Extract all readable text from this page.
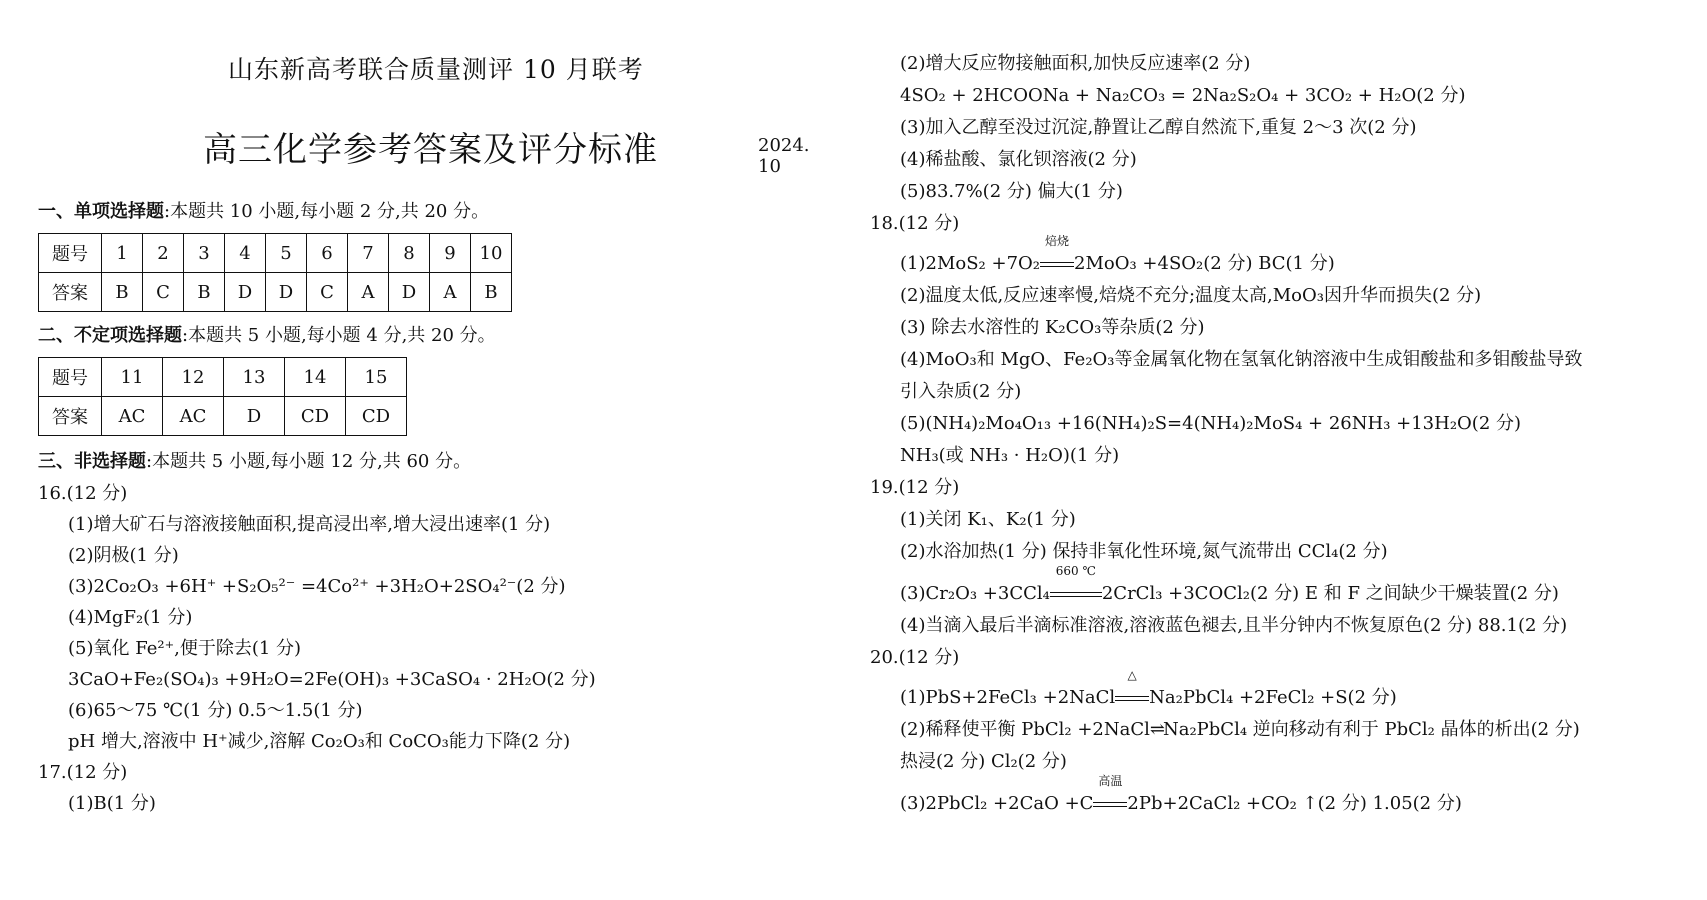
山东新高考联合质量测评 10 月联考
高三化学参考答案及评分标准	2024. 10
一、单项选择题:本题共 10 小题,每小题 2 分,共 20 分。
题号	1	2	3	4	5	6	7	8	9	10
答案	B	C	B	D	D	C	A	D	A	B
二、不定项选择题:本题共 5 小题,每小题 4 分,共 20 分。
题号	11	12	13	14	15
答案	AC	AC	D	CD	CD
三、非选择题:本题共 5 小题,每小题 12 分,共 60 分。
16.(12 分)
(1)增大矿石与溶液接触面积,提高浸出率,增大浸出速率(1 分)
(2)阴极(1 分)
(3)2Co₂O₃ +6H⁺ +S₂O₅²⁻ =4Co²⁺ +3H₂O+2SO₄²⁻(2 分)
(4)MgF₂(1 分)
(5)氧化 Fe²⁺,便于除去(1 分)
3CaO+Fe₂(SO₄)₃ +9H₂O=2Fe(OH)₃ +3CaSO₄ · 2H₂O(2 分)
(6)65～75 ℃(1 分) 0.5～1.5(1 分)
pH 增大,溶液中 H⁺减少,溶解 Co₂O₃和 CoCO₃能力下降(2 分)
17.(12 分)
(1)B(1 分)
(2)增大反应物接触面积,加快反应速率(2 分)
4SO₂ + 2HCOONa + Na₂CO₃ = 2Na₂S₂O₄ + 3CO₂ + H₂O(2 分)
(3)加入乙醇至没过沉淀,静置让乙醇自然流下,重复 2～3 次(2 分)
(4)稀盐酸、氯化钡溶液(2 分)
(5)83.7%(2 分) 偏大(1 分)
18.(12 分)
(1)2MoS₂ +7O₂
焙烧
2MoO₃ +4SO₂(2 分) BC(1 分)
(2)温度太低,反应速率慢,焙烧不充分;温度太高,MoO₃因升华而损失(2 分)
(3) 除去水溶性的 K₂CO₃等杂质(2 分)
(4)MoO₃和 MgO、Fe₂O₃等金属氧化物在氢氧化钠溶液中生成钼酸盐和多钼酸盐导致
引入杂质(2 分)
(5)(NH₄)₂Mo₄O₁₃ +16(NH₄)₂S=4(NH₄)₂MoS₄ + 26NH₃ +13H₂O(2 分)
NH₃(或 NH₃ · H₂O)(1 分)
19.(12 分)
(1)关闭 K₁、K₂(1 分)
(2)水浴加热(1 分) 保持非氧化性环境,氮气流带出 CCl₄(2 分)
(3)Cr₂O₃ +3CCl₄
660 ℃
2CrCl₃ +3COCl₂(2 分) E 和 F 之间缺少干燥装置(2 分)
(4)当滴入最后半滴标准溶液,溶液蓝色褪去,且半分钟内不恢复原色(2 分) 88.1(2 分)
20.(12 分)
(1)PbS+2FeCl₃ +2NaCl
△
Na₂PbCl₄ +2FeCl₂ +S(2 分)
(2)稀释使平衡 PbCl₂ +2NaCl⇌Na₂PbCl₄ 逆向移动有利于 PbCl₂ 晶体的析出(2 分)
热浸(2 分) Cl₂(2 分)
(3)2PbCl₂ +2CaO +C
高温
2Pb+2CaCl₂ +CO₂ ↑(2 分) 1.05(2 分)
